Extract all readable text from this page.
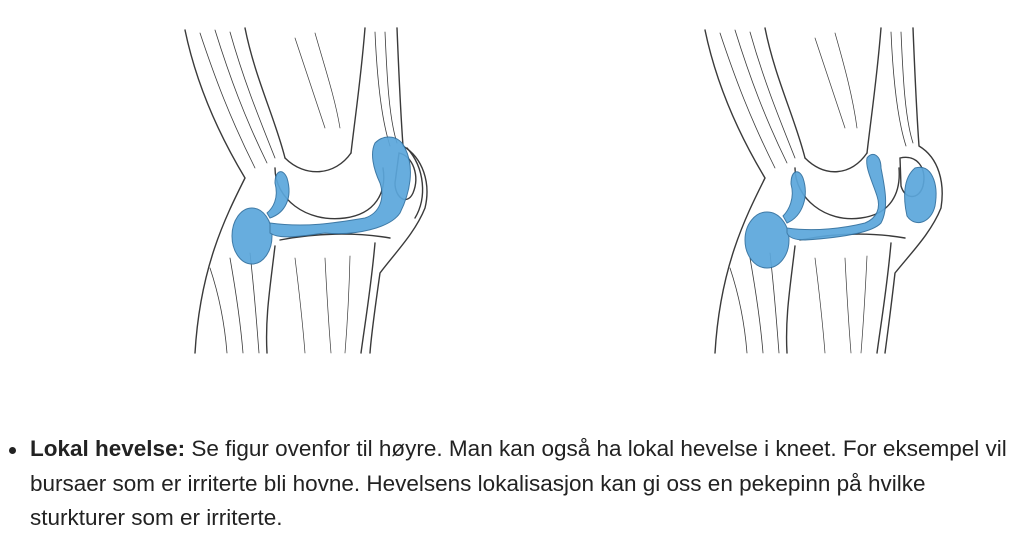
Lokal hevelse: Se figur ovenfor til høyre. Man kan også ha lokal hevelse i kneet. For eksempel vil bursaer som er irriterte bli hovne. Hevelsens lokalisasjon kan gi oss en pekepinn på hvilke sturkturer som er irriterte.
